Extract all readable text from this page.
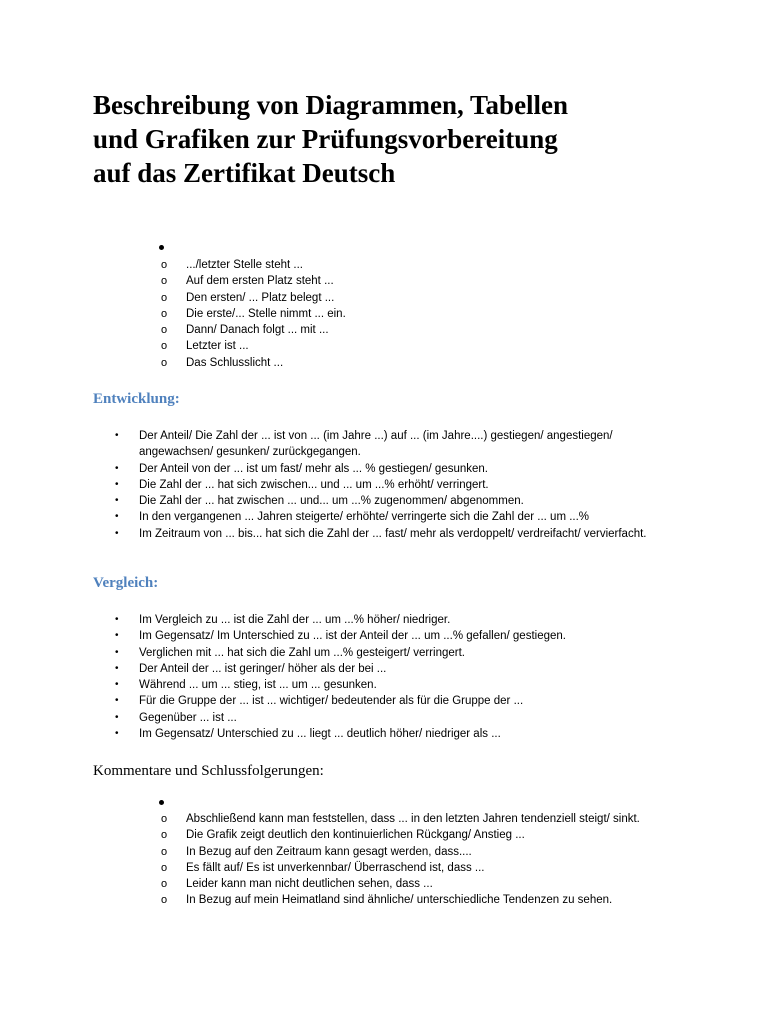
Beschreibung von Diagrammen, Tabellen
und Grafiken zur Prüfungsvorbereitung
auf das Zertifikat Deutsch
o .../letzter Stelle steht ...
o Auf dem ersten Platz steht ...
o Den ersten/ ... Platz belegt ...
o Die erste/... Stelle nimmt ... ein.
o Dann/ Danach folgt ... mit ...
o Letzter ist ...
o Das Schlusslicht ...
Entwicklung:
• Der Anteil/ Die Zahl der ... ist von ... (im Jahre ...) auf ... (im Jahre....) gestiegen/ angestiegen/ angewachsen/ gesunken/ zurückgegangen.
• Der Anteil von der ... ist um fast/ mehr als ... % gestiegen/ gesunken.
• Die Zahl der ... hat sich zwischen... und ... um ...% erhöht/ verringert.
• Die Zahl der ... hat zwischen ... und... um ...% zugenommen/ abgenommen.
• In den vergangenen ... Jahren steigerte/ erhöhte/ verringerte sich die Zahl der ... um ...%
• Im Zeitraum von ... bis... hat sich die Zahl der ... fast/ mehr als verdoppelt/ verdreifacht/ vervierfacht.
Vergleich:
• Im Vergleich zu ... ist die Zahl der ... um ...% höher/ niedriger.
• Im Gegensatz/ Im Unterschied zu ... ist der Anteil der ... um ...% gefallen/ gestiegen.
• Verglichen mit ... hat sich die Zahl um ...% gesteigert/ verringert.
• Der Anteil der ... ist geringer/ höher als der bei ...
• Während ... um ... stieg, ist ... um ... gesunken.
• Für die Gruppe der ... ist ... wichtiger/ bedeutender als für die Gruppe der ...
• Gegenüber ... ist ...
• Im Gegensatz/ Unterschied zu ... liegt ... deutlich höher/ niedriger als ...
Kommentare und Schlussfolgerungen:
o Abschließend kann man feststellen, dass ... in den letzten Jahren tendenziell steigt/ sinkt.
o Die Grafik zeigt deutlich den kontinuierlichen Rückgang/ Anstieg ...
o In Bezug auf den Zeitraum kann gesagt werden, dass....
o Es fällt auf/ Es ist unverkennbar/ Überraschend ist, dass ...
o Leider kann man nicht deutlichen sehen, dass ...
o In Bezug auf mein Heimatland sind ähnliche/ unterschiedliche Tendenzen zu sehen.
